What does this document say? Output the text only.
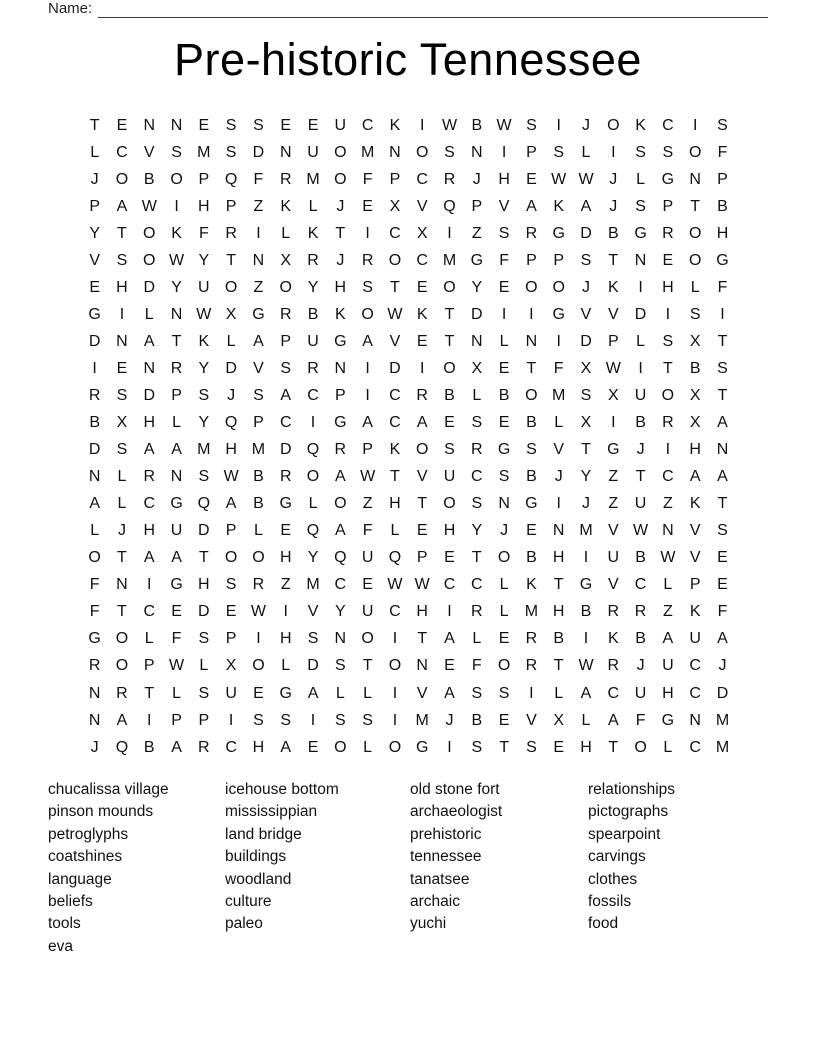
Name:
Pre-historic Tennessee
T	E	N N	E	S	S	E	E	U C	K	I	W B W S	I	J	O K	C	I	S
L	C	V	S M S	D N U O M N O S	N	I	P	S	L	I	S	S O	F
J	O B O P Q	F	R M O	F	P	C R	J	H	E W W J	L	G N	P
P	A W	I	H	P	Z	K	L	J	E	X	V Q P	V	A	K	A	J	S	P	T	B
Y	T	O K	F	R	I	L	K	T	I	C	X	I	Z	S	R G D	B G R O H
V	S O W Y	T	N	X	R	J	R O C M G	F	P	P	S	T	N	E O G
E	H D	Y	U O	Z	O Y	H	S	T	E O Y	E O O	J	K	I	H	L	F
G	I	L	N W X G R	B	K O W K	T	D	I	I	G V	V	D	I	S	I
D N	A	T	K	L	A	P	U G A	V	E	T	N	L	N	I	D	P	L	S	X	T
I	E	N R	Y	D	V	S	R N	I	D	I	O X	E	T	F	X W	I	T	B	S
R	S	D	P	S	J	S	A	C	P	I	C R	B	L	B O M S	X	U O X	T
B	X	H	L	Y Q P	C	I	G A	C	A	E	S	E	B	L	X	I	B	R	X	A
D	S	A	A M H M D Q R	P	K O S	R G S	V	T	G	J	I	H N
N	L	R N	S W B	R O A W T	V	U C	S	B	J	Y	Z	T	C	A	A
A	L	C G Q A	B G	L	O	Z	H	T	O S	N G	I	J	Z	U	Z	K	T
L	J	H U D	P	L	E Q A	F	L	E	H	Y	J	E	N M V W N	V	S
O	T	A	A	T	O O H	Y Q U Q P	E	T	O B	H	I	U	B W V	E
F	N	I	G H	S	R	Z M C	E W W C C	L	K	T	G V	C	L	P	E
F	T	C	E	D	E W	I	V	Y	U C H	I	R	L	M H	B	R R	Z	K	F
G O	L	F	S	P	I	H	S	N O	I	T	A	L	E	R	B	I	K	B	A	U	A
R O P W L	X O	L	D	S	T	O N	E	F	O R	T W R	J	U C	J
N R	T	L	S	U	E G A	L	L	I	V	A	S	S	I	L	A	C U H C D
N	A	I	P	P	I	S	S	I	S	S	I	M	J	B	E	V	X	L	A	F	G N M
J	Q B	A	R C H	A	E O	L	O G	I	S	T	S	E	H	T	O	L	C M
chucalissa village
pinson mounds
petroglyphs
coatshines
language
beliefs
tools
eva
icehouse bottom
mississippian
land bridge
buildings
woodland
culture
paleo
old stone fort
archaeologist
prehistoric
tennessee
tanatsee
archaic
yuchi
relationships
pictographs
spearpoint
carvings
clothes
fossils
food
